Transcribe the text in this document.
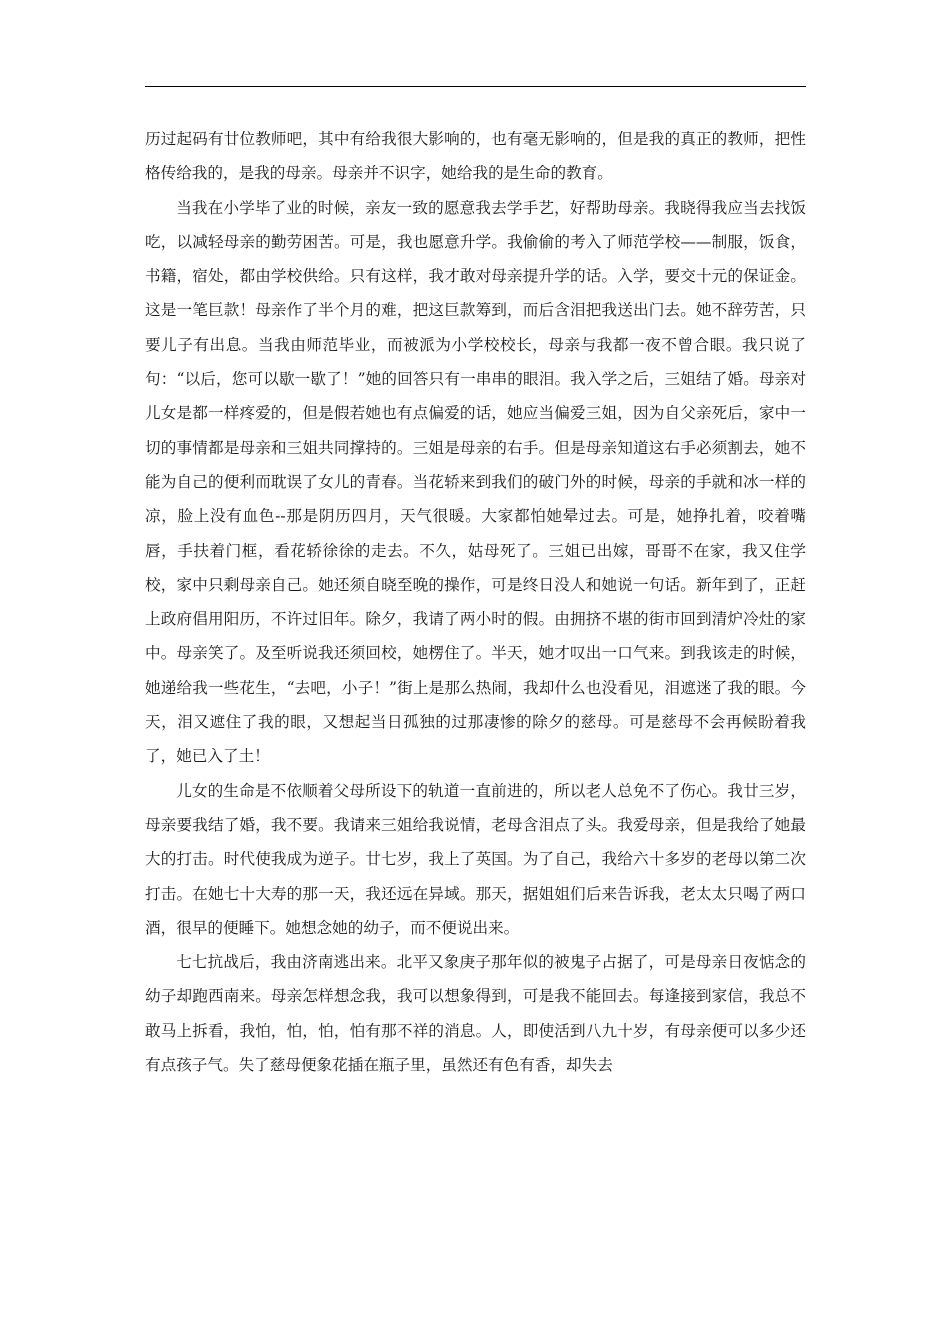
历过起码有廿位教师吧，其中有给我很大影响的，也有毫无影响的，但是我的真正的教师，把性格传给我的，是我的母亲。母亲并不识字，她给我的是生命的教育。

当我在小学毕了业的时候，亲友一致的愿意我去学手艺，好帮助母亲。我晓得我应当去找饭吃，以减轻母亲的勤劳困苦。可是，我也愿意升学。我偷偷的考入了师范学校——制服，饭食，书籍，宿处，都由学校供给。只有这样，我才敢对母亲提升学的话。入学，要交十元的保证金。这是一笔巨款！母亲作了半个月的难，把这巨款筹到，而后含泪把我送出门去。她不辞劳苦，只要儿子有出息。当我由师范毕业，而被派为小学校校长，母亲与我都一夜不曾合眼。我只说了句：“以后，您可以歇一歇了！”她的回答只有一串串的眼泪。我入学之后，三姐结了婚。母亲对儿女是都一样疼爱的，但是假若她也有点偏爱的话，她应当偏爱三姐，因为自父亲死后，家中一切的事情都是母亲和三姐共同撑持的。三姐是母亲的右手。但是母亲知道这右手必须割去，她不能为自己的便利而耽误了女儿的青春。当花轿来到我们的破门外的时候，母亲的手就和冰一样的凉，脸上没有血色--那是阴历四月，天气很暖。大家都怕她晕过去。可是，她挣扎着，咬着嘴唇，手扶着门框，看花轿徐徐的走去。不久，姑母死了。三姐已出嫁，哥哥不在家，我又住学校，家中只剩母亲自己。她还须自晓至晚的操作，可是终日没人和她说一句话。新年到了，正赶上政府倡用阳历，不许过旧年。除夕，我请了两小时的假。由拥挤不堪的街市回到清炉冷灶的家中。母亲笑了。及至听说我还须回校，她楞住了。半天，她才叹出一口气来。到我该走的时候，她递给我一些花生，“去吧，小子！”街上是那么热闹，我却什么也没看见，泪遮迷了我的眼。今天，泪又遮住了我的眼，又想起当日孤独的过那凄惨的除夕的慈母。可是慈母不会再候盼着我了，她已入了土！

儿女的生命是不依顺着父母所设下的轨道一直前进的，所以老人总免不了伤心。我廿三岁，母亲要我结了婚，我不要。我请来三姐给我说情，老母含泪点了头。我爱母亲，但是我给了她最大的打击。时代使我成为逆子。廿七岁，我上了英国。为了自己，我给六十多岁的老母以第二次打击。在她七十大寿的那一天，我还远在异域。那天，据姐姐们后来告诉我，老太太只喝了两口酒，很早的便睡下。她想念她的幼子，而不便说出来。

七七抗战后，我由济南逃出来。北平又象庚子那年似的被鬼子占据了，可是母亲日夜惦念的幼子却跑西南来。母亲怎样想念我，我可以想象得到，可是我不能回去。每逢接到家信，我总不敢马上拆看，我怕，怕，怕，怕有那不祥的消息。人，即使活到八九十岁，有母亲便可以多少还有点孩子气。失了慈母便象花插在瓶子里，虽然还有色有香，却失去
